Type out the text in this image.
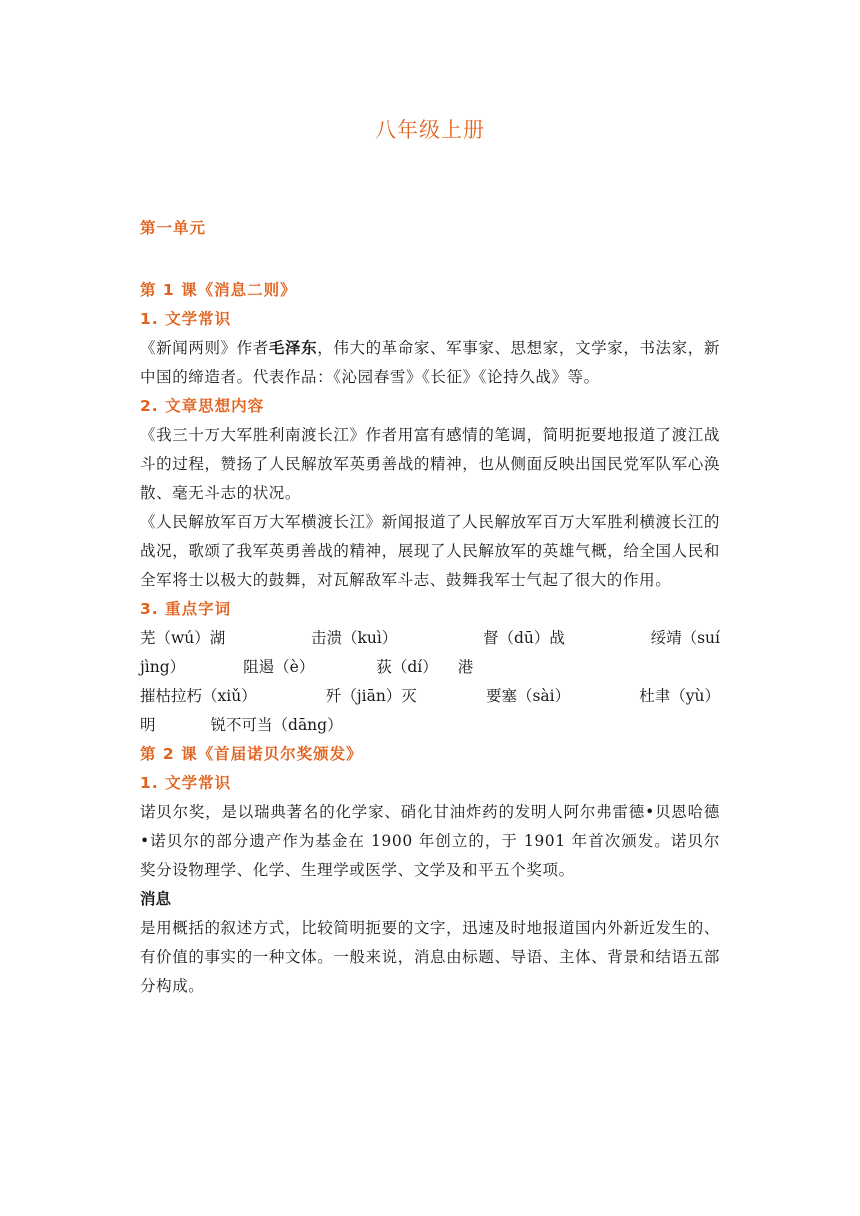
八年级上册
第一单元
第 1 课《消息二则》
1. 文学常识
《新闻两则》作者毛泽东，伟大的革命家、军事家、思想家，文学家，书法家，新中国的缔造者。代表作品：《沁园春雪》《长征》《论持久战》等。
2. 文章思想内容
《我三十万大军胜利南渡长江》作者用富有感情的笔调，简明扼要地报道了渡江战斗的过程，赞扬了人民解放军英勇善战的精神，也从侧面反映出国民党军队军心涣散、毫无斗志的状况。
《人民解放军百万大军横渡长江》新闻报道了人民解放军百万大军胜利横渡长江的战况，歌颂了我军英勇善战的精神，展现了人民解放军的英雄气概，给全国人民和全军将士以极大的鼓舞，对瓦解敌军斗志、鼓舞我军士气起了很大的作用。
3. 重点字词
芜（wú）湖	击溃（kuì）	督（dū）战	绥靖（suí
jìng）	阻遏（è）	荻（dí） 港
摧枯拉朽（xiǔ）	歼（jiān）灭	要塞（sài）	杜聿（yù）
明	锐不可当（dāng）
第 2 课《首届诺贝尔奖颁发》
1. 文学常识
诺贝尔奖，是以瑞典著名的化学家、硝化甘油炸药的发明人阿尔弗雷德•贝恩哈德•诺贝尔的部分遗产作为基金在 1900 年创立的，于 1901 年首次颁发。诺贝尔奖分设物理学、化学、生理学或医学、文学及和平五个奖项。
消息
是用概括的叙述方式，比较简明扼要的文字，迅速及时地报道国内外新近发生的、有价值的事实的一种文体。一般来说，消息由标题、导语、主体、背景和结语五部分构成。
